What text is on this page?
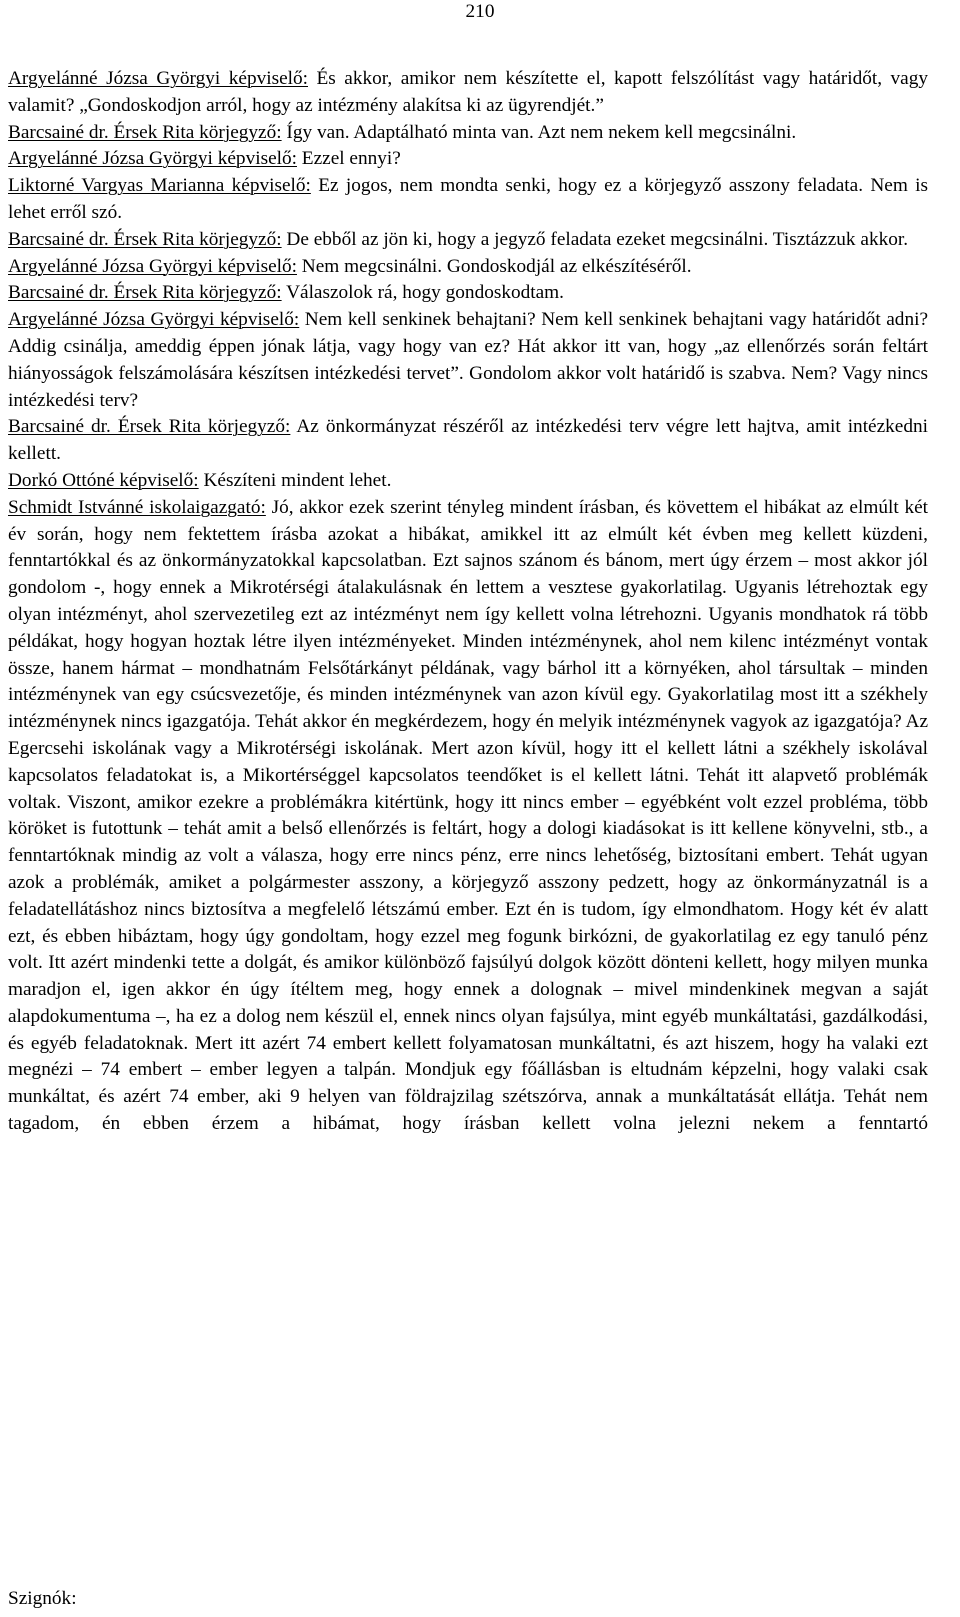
210

Argyelánné Józsa Györgyi képviselő: És akkor, amikor nem készítette el, kapott felszólítást vagy határidőt, vagy valamit? „Gondoskodjon arról, hogy az intézmény alakítsa ki az ügyrendjét.”

Barcsainé dr. Érsek Rita körjegyző: Így van. Adaptálható minta van. Azt nem nekem kell megcsinálni.

Argyelánné Józsa Györgyi képviselő: Ezzel ennyi?

Liktorné Vargyas Marianna képviselő: Ez jogos, nem mondta senki, hogy ez a körjegyző asszony feladata. Nem is lehet erről szó.

Barcsainé dr. Érsek Rita körjegyző: De ebből az jön ki, hogy a jegyző feladata ezeket megcsinálni. Tisztázzuk akkor.

Argyelánné Józsa Györgyi képviselő: Nem megcsinálni. Gondoskodjál az elkészítéséről.

Barcsainé dr. Érsek Rita körjegyző: Válaszolok rá, hogy gondoskodtam.

Argyelánné Józsa Györgyi képviselő: Nem kell senkinek behajtani? Nem kell senkinek behajtani vagy határidőt adni? Addig csinálja, ameddig éppen jónak látja, vagy hogy van ez? Hát akkor itt van, hogy „az ellenőrzés során feltárt hiányosságok felszámolására készítsen intézkedési tervet”. Gondolom akkor volt határidő is szabva. Nem? Vagy nincs intézkedési terv?

Barcsainé dr. Érsek Rita körjegyző: Az önkormányzat részéről az intézkedési terv végre lett hajtva, amit intézkedni kellett.

Dorkó Ottóné képviselő: Készíteni mindent lehet.

Schmidt Istvánné iskolaigazgató: Jó, akkor ezek szerint tényleg mindent írásban, és követtem el hibákat az elmúlt két év során, hogy nem fektettem írásba azokat a hibákat, amikkel itt az elmúlt két évben meg kellett küzdeni, fenntartókkal és az önkormányzatokkal kapcsolatban. Ezt sajnos szánom és bánom, mert úgy érzem – most akkor jól gondolom -, hogy ennek a Mikrotérségi átalakulásnak én lettem a vesztese gyakorlatilag. Ugyanis létrehoztak egy olyan intézményt, ahol szervezetileg ezt az intézményt nem így kellett volna létrehozni. Ugyanis mondhatok rá több példákat, hogy hogyan hoztak létre ilyen intézményeket. Minden intézménynek, ahol nem kilenc intézményt vontak össze, hanem hármat – mondhatnám Felsőtárkányt példának, vagy bárhol itt a környéken, ahol társultak – minden intézménynek van egy csúcsvezetője, és minden intézménynek van azon kívül egy. Gyakorlatilag most itt a székhely intézménynek nincs igazgatója. Tehát akkor én megkérdezem, hogy én melyik intézménynek vagyok az igazgatója? Az Egercsehi iskolának vagy a Mikrotérségi iskolának. Mert azon kívül, hogy itt el kellett látni a székhely iskolával kapcsolatos feladatokat is, a Mikortérséggel kapcsolatos teendőket is el kellett látni. Tehát itt alapvető problémák voltak. Viszont, amikor ezekre a problémákra kitértünk, hogy itt nincs ember – egyébként volt ezzel probléma, több köröket is futottunk – tehát amit a belső ellenőrzés is feltárt, hogy a dologi kiadásokat is itt kellene könyvelni, stb., a fenntartóknak mindig az volt a válasza, hogy erre nincs pénz, erre nincs lehetőség, biztosítani embert. Tehát ugyan azok a problémák, amiket a polgármester asszony, a körjegyző asszony pedzett, hogy az önkormányzatnál is a feladatellátáshoz nincs biztosítva a megfelelő létszámú ember. Ezt én is tudom, így elmondhatom. Hogy két év alatt ezt, és ebben hibáztam, hogy úgy gondoltam, hogy ezzel meg fogunk birkózni, de gyakorlatilag ez egy tanuló pénz volt. Itt azért mindenki tette a dolgát, és amikor különböző fajsúlyú dolgok között dönteni kellett, hogy milyen munka maradjon el, igen akkor én úgy ítéltem meg, hogy ennek a dolognak – mivel mindenkinek megvan a saját alapdokumentuma –, ha ez a dolog nem készül el, ennek nincs olyan fajsúlya, mint egyéb munkáltatási, gazdálkodási, és egyéb feladatoknak. Mert itt azért 74 embert kellett folyamatosan munkáltatni, és azt hiszem, hogy ha valaki ezt megnézi – 74 embert – ember legyen a talpán. Mondjuk egy főállásban is eltudnám képzelni, hogy valaki csak munkáltat, és azért 74 ember, aki 9 helyen van földrajzilag szétszórva, annak a munkáltatását ellátja. Tehát nem tagadom, én ebben érzem a hibámat, hogy írásban kellett volna jelezni nekem a fenntartó

Szignók:
